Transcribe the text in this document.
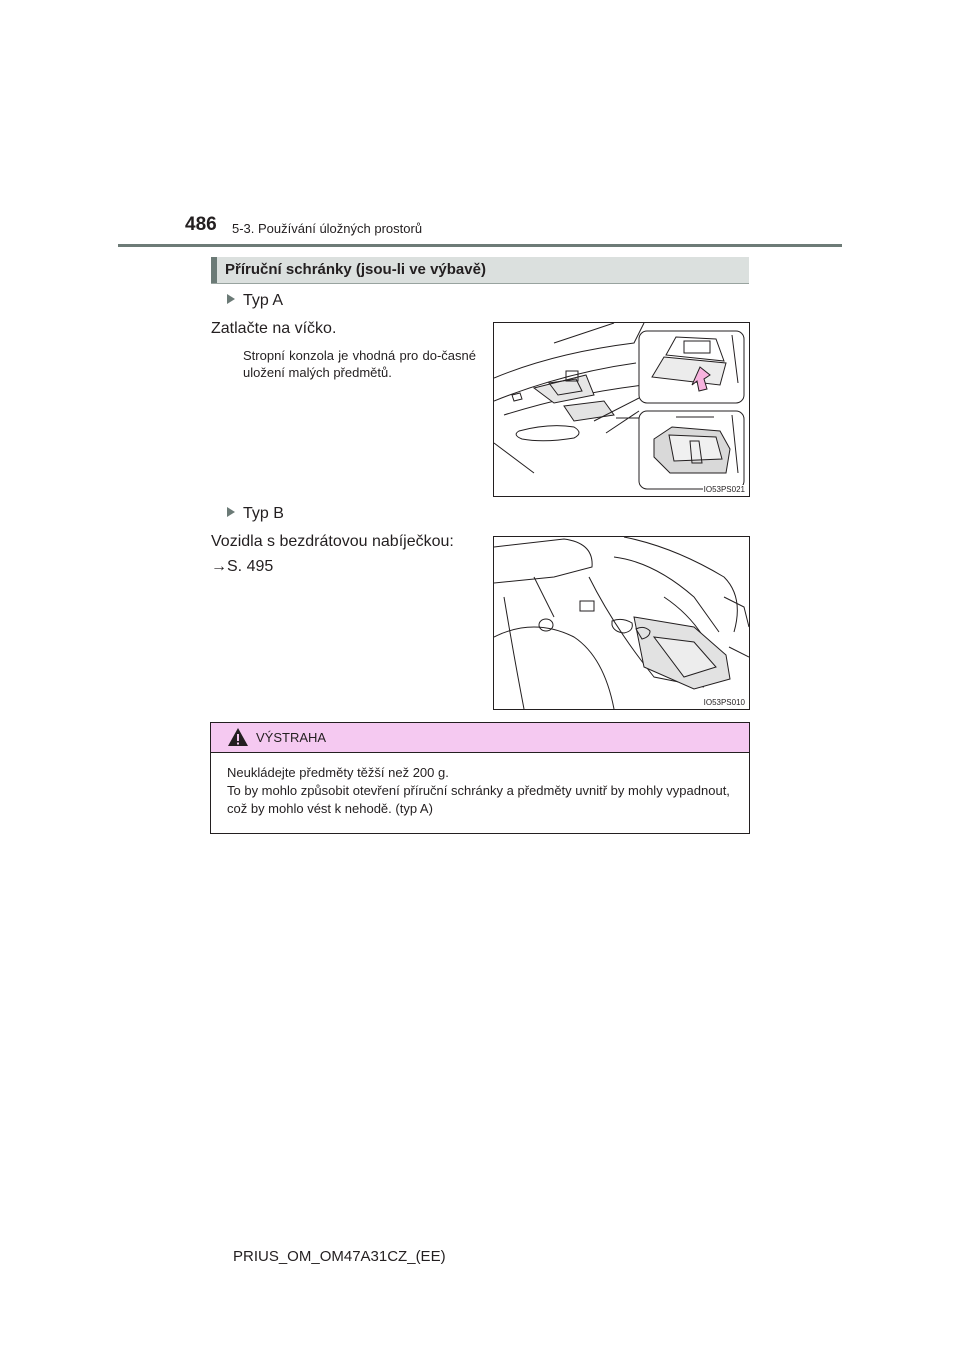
486 5-3. Používání úložných prostorů
Příruční schránky (jsou-li ve výbavě)
Typ A
Zatlačte na víčko.
Stropní konzola je vhodná pro do-časné uložení malých předmětů.
IO53PS021
Typ B
Vozidla s bezdrátovou nabíječkou:
→S. 495
IO53PS010
VÝSTRAHA
Neukládejte předměty těžší než 200 g.
To by mohlo způsobit otevření příruční schránky a předměty uvnitř by mohly vypadnout, což by mohlo vést k nehodě. (typ A)
PRIUS_OM_OM47A31CZ_(EE)
